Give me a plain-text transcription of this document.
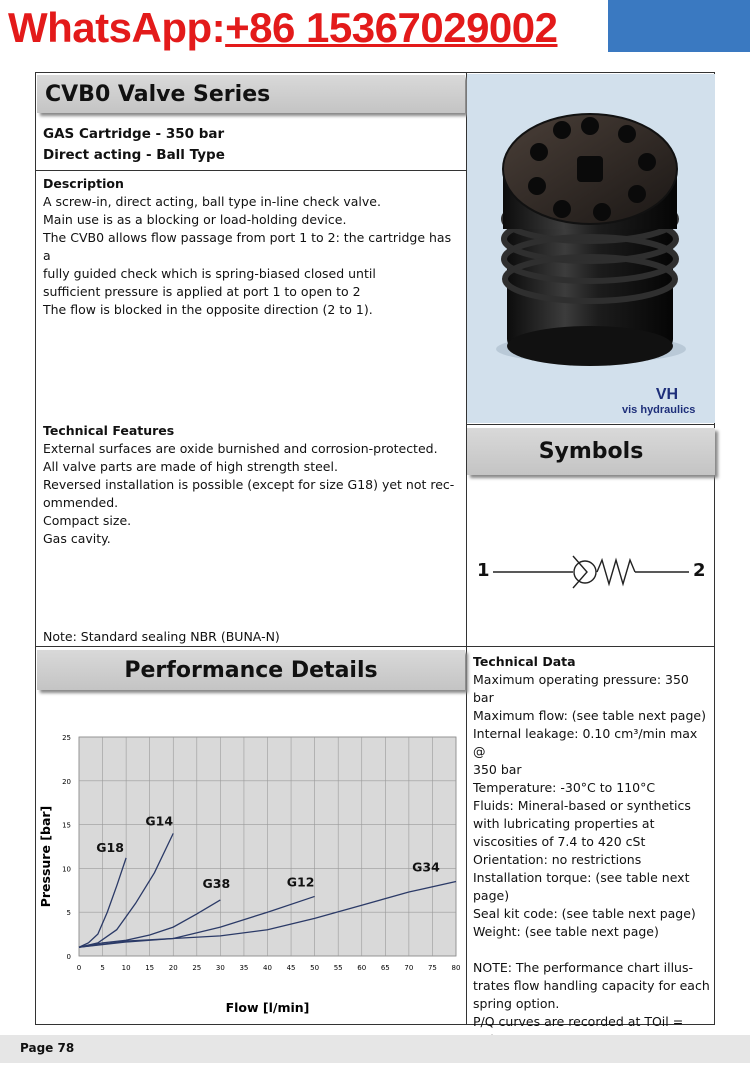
WhatsApp:+86 15367029002
CVB0 Valve Series
GAS Cartridge - 350 bar
Direct acting - Ball Type
Description
A screw-in, direct acting, ball type in-line check valve.
Main use is as a blocking or load-holding device.
The CVB0 allows flow passage from port 1 to 2: the cartridge has a
fully guided check which is spring-biased closed until
sufficient pressure is applied at port 1 to open to 2
The flow is blocked in the opposite direction (2 to 1).
Technical Features
External surfaces are oxide burnished and corrosion-protected.
All valve parts are made of high strength steel.
Reversed installation is possible (except for size G18) yet not rec-
ommended.
Compact size.
Gas cavity.
Note: Standard sealing NBR (BUNA-N)
VH
vis hydraulics
Symbols
1	2
Performance Details
0	5 10 15 20 25 30 35 40 45 50 55 60 65 70 75 80
0
5
10
15
20
25
G18
G14
G38	G12
G34
Flow [l/min]
Pressure [bar]
Technical Data
Maximum operating pressure: 350 bar
Maximum flow: (see table next page)
Internal leakage: 0.10 cm³/min max @
350 bar
Temperature: -30°C to 110°C
Fluids: Mineral-based or synthetics
with lubricating properties at
viscosities of 7.4 to 420 cSt
Orientation: no restrictions
Installation torque: (see table next
page)
Seal kit code: (see table next page)
Weight: (see table next page)
NOTE: The performance chart illus-
trates flow handling capacity for each
spring option.
P/Q curves are recorded at TOil =
Page 78
